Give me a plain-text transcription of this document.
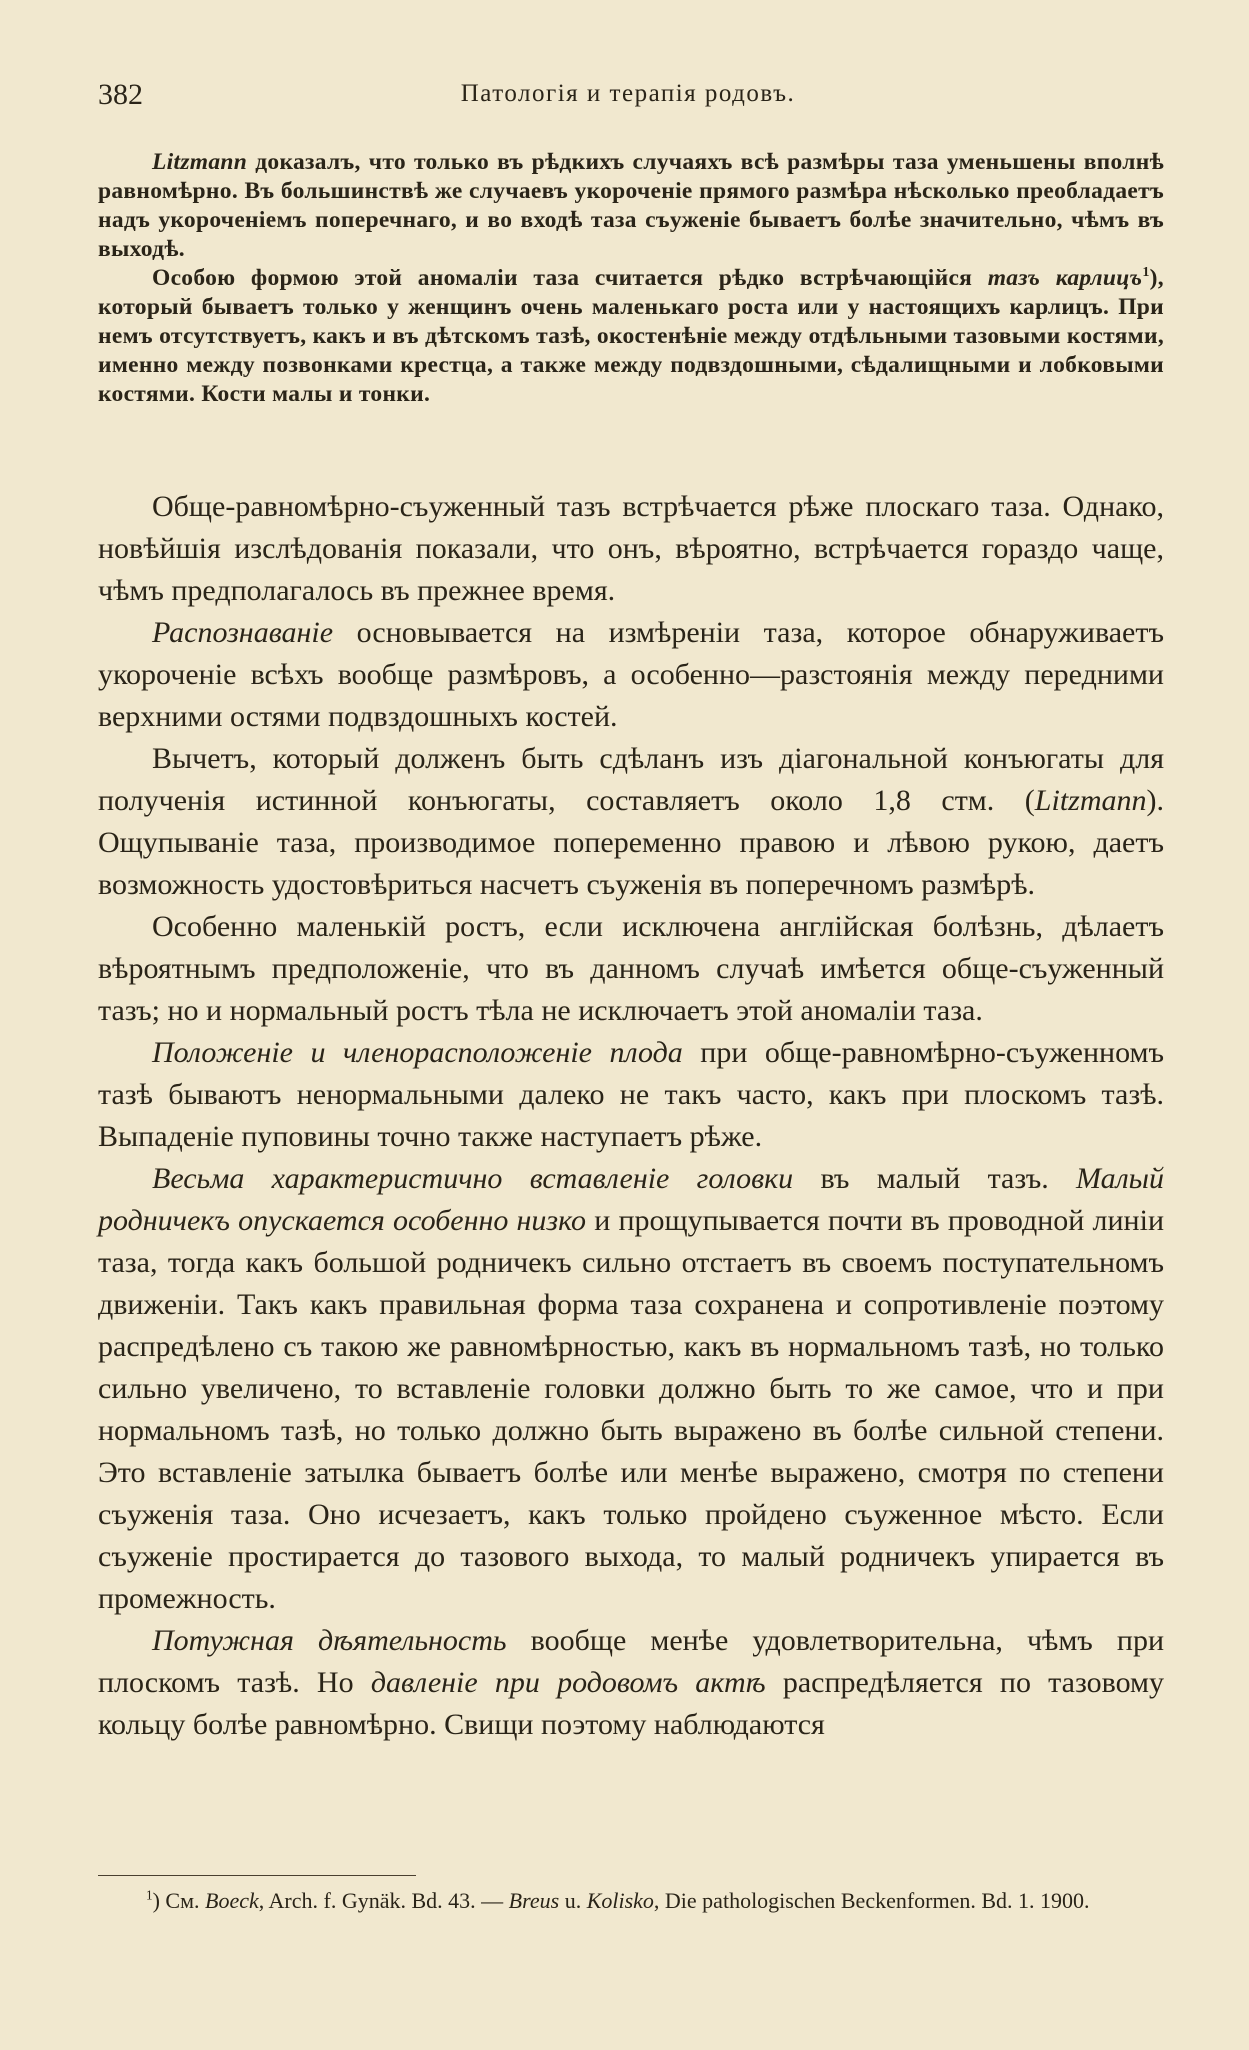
382	Патологія и терапія родовъ.

Litzmann доказалъ, что только въ рѣдкихъ случаяхъ всѣ размѣры таза уменьшены вполнѣ равномѣрно. Въ большинствѣ же случаевъ укороченіе прямого размѣра нѣсколько преобладаетъ надъ укороченіемъ поперечнаго, и во входѣ таза съуженіе бываетъ болѣе значительно, чѣмъ въ выходѣ.

Особою формою этой аномаліи таза считается рѣдко встрѣчающійся тазъ карлицъ$^1$), который бываетъ только у женщинъ очень маленькаго роста или у настоящихъ карлицъ. При немъ отсутствуетъ, какъ и въ дѣтскомъ тазѣ, окостенѣніе между отдѣльными тазовыми костями, именно между позвонками крестца, а также между подвздошными, сѣдалищными и лобковыми костями. Кости малы и тонки.

Обще-равномѣрно-съуженный тазъ встрѣчается рѣже плоскаго таза. Однако, новѣйшія изслѣдованія показали, что онъ, вѣроятно, встрѣчается гораздо чаще, чѣмъ предполагалось въ прежнее время.

Распознаваніе основывается на измѣреніи таза, которое обнаруживаетъ укороченіе всѣхъ вообще размѣровъ, а особенно—разстоянія между передними верхними остями подвздошныхъ костей.

Вычетъ, который долженъ быть сдѣланъ изъ діагональной конъюгаты для полученія истинной конъюгаты, составляетъ около 1,8 стм. (Litzmann). Ощупываніе таза, производимое попеременно правою и лѣвою рукою, даетъ возможность удостовѣриться насчетъ съуженія въ поперечномъ размѣрѣ.

Особенно маленькій ростъ, если исключена англійская болѣзнь, дѣлаетъ вѣроятнымъ предположеніе, что въ данномъ случаѣ имѣется обще-съуженный тазъ; но и нормальный ростъ тѣла не исключаетъ этой аномаліи таза.

Положеніе и членорасположеніе плода при обще-равномѣрно-съуженномъ тазѣ бываютъ ненормальными далеко не такъ часто, какъ при плоскомъ тазѣ. Выпаденіе пуповины точно также наступаетъ рѣже.

Весьма характеристично вставленіе головки въ малый тазъ. Малый родничекъ опускается особенно низко и прощупывается почти въ проводной линіи таза, тогда какъ большой родничекъ сильно отстаетъ въ своемъ поступательномъ движеніи. Такъ какъ правильная форма таза сохранена и сопротивленіе поэтому распредѣлено съ такою же равномѣрностью, какъ въ нормальномъ тазѣ, но только сильно увеличено, то вставленіе головки должно быть то же самое, что и при нормальномъ тазѣ, но только должно быть выражено въ болѣе сильной степени. Это вставленіе затылка бываетъ болѣе или менѣе выражено, смотря по степени съуженія таза. Оно исчезаетъ, какъ только пройдено съуженное мѣсто. Если съуженіе простирается до тазового выхода, то малый родничекъ упирается въ промежность.

Потужная дѣятельность вообще менѣе удовлетворительна, чѣмъ при плоскомъ тазѣ. Но давленіе при родовомъ актѣ распредѣляется по тазовому кольцу болѣе равномѣрно. Свищи поэтому наблюдаются

$^1$) См. Boeck, Arch. f. Gynäk. Bd. 43. — Breus u. Kolisko, Die pathologischen Beckenformen. Bd. 1. 1900.
